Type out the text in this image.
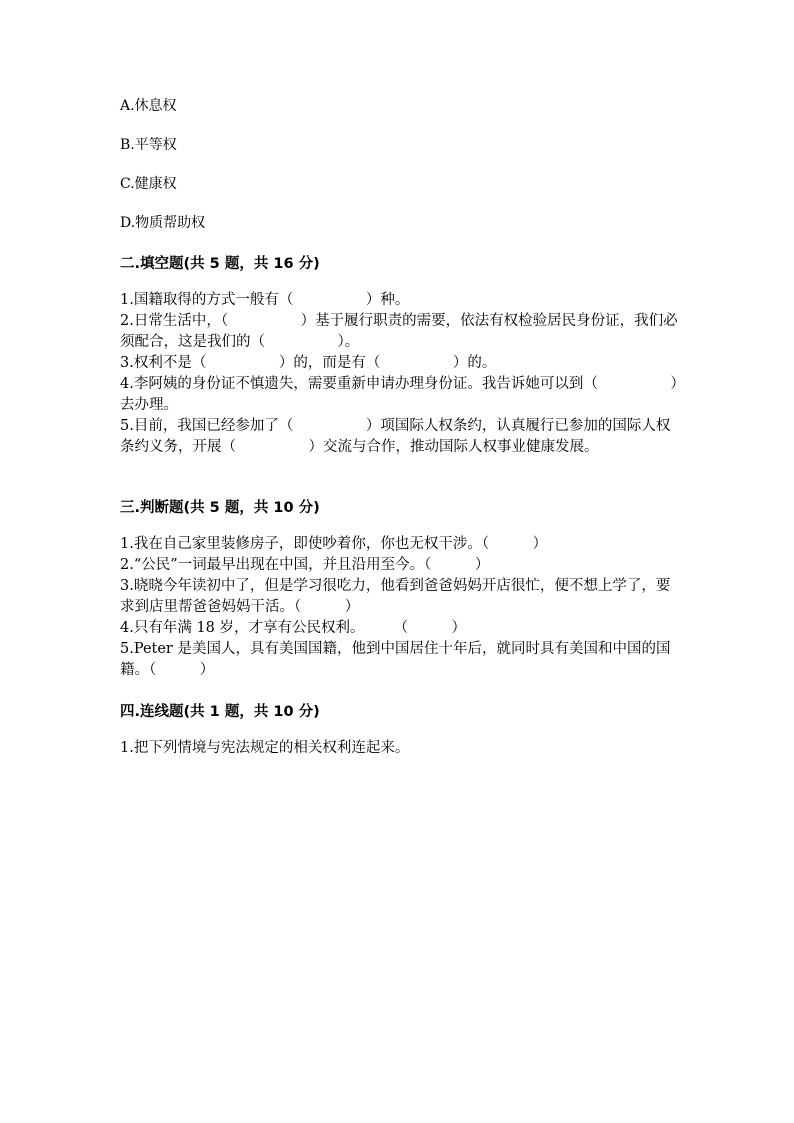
A.休息权
B.平等权
C.健康权
D.物质帮助权
二.填空题(共 5 题，共 16 分)

1.国籍取得的方式一般有（　　　　　）种。

2.日常生活中，（　　　　　）基于履行职责的需要，依法有权检验居民身份证，我们必须配合，这是我们的（　　　　　）。

3.权利不是（　　　　　）的，而是有（　　　　　）的。

4.李阿姨的身份证不慎遗失，需要重新申请办理身份证。我告诉她可以到（　　　　　）去办理。

5.目前，我国已经参加了（　　　　　）项国际人权条约，认真履行已参加的国际人权条约义务，开展（　　　　　）交流与合作，推动国际人权事业健康发展。

三.判断题(共 5 题，共 10 分)

1.我在自己家里装修房子，即使吵着你，你也无权干涉。（　　　）

2.“公民”一词最早出现在中国，并且沿用至今。（　　　）

3.晓晓今年读初中了，但是学习很吃力，他看到爸爸妈妈开店很忙，便不想上学了，要求到店里帮爸爸妈妈干活。（　　　）

4.只有年满 18 岁，才享有公民权利。　　　（　　　）

5.Peter 是美国人，具有美国国籍，他到中国居住十年后，就同时具有美国和中国的国籍。（　　　）

四.连线题(共 1 题，共 10 分)

1.把下列情境与宪法规定的相关权利连起来。
